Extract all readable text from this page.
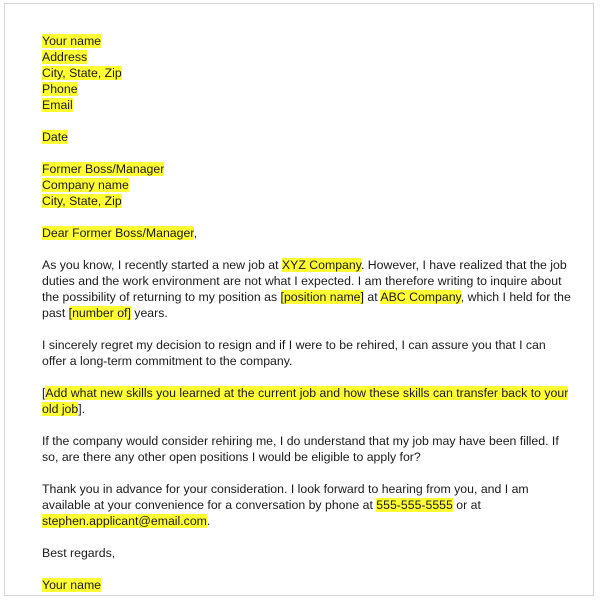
Your name
Address
City, State, Zip
Phone
Email
Date
Former Boss/Manager
Company name
City, State, Zip

Dear Former Boss/Manager,

As you know, I recently started a new job at XYZ Company. However, I have realized that the job duties and the work environment are not what I expected. I am therefore writing to inquire about the possibility of returning to my position as [position name] at ABC Company, which I held for the past [number of] years.

I sincerely regret my decision to resign and if I were to be rehired, I can assure you that I can offer a long-term commitment to the company.

[Add what new skills you learned at the current job and how these skills can transfer back to your old job].

If the company would consider rehiring me, I do understand that my job may have been filled. If so, are there any other open positions I would be eligible to apply for?

Thank you in advance for your consideration. I look forward to hearing from you, and I am available at your convenience for a conversation by phone at 555-555-5555 or at stephen.applicant@email.com.

Best regards,

Your name
